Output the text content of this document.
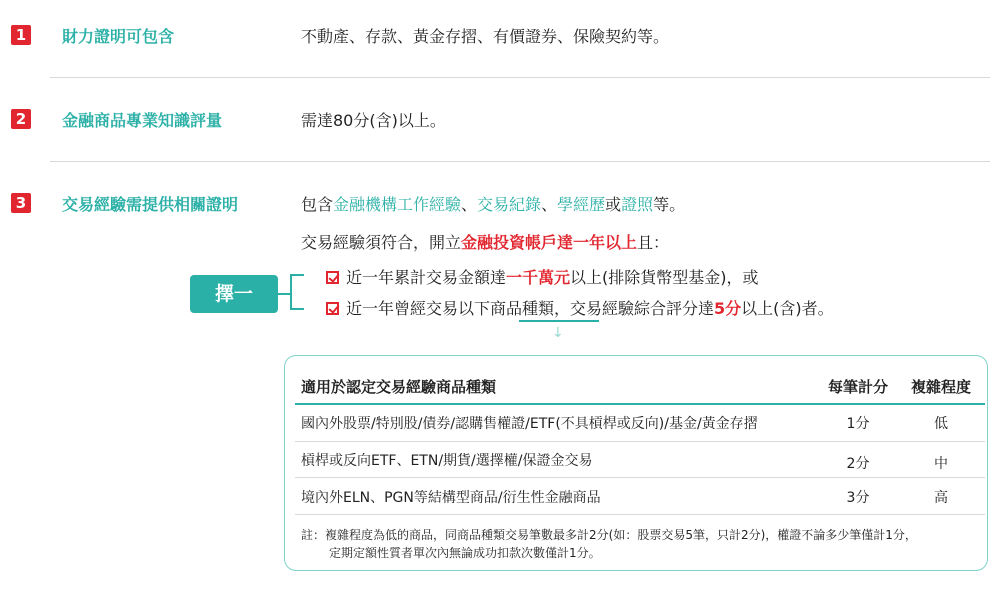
1 財力證明可包含	不動產、存款、黃金存摺、有價證券、保險契約等。
2 金融商品專業知識評量	需達80分(含)以上。
3 交易經驗需提供相關證明	包含金融機構工作經驗、交易紀錄、學經歷或證照等。
交易經驗須符合，開立金融投資帳戶達一年以上且：
擇一
近一年累計交易金額達一千萬元以上(排除貨幣型基金)，或
近一年曾經交易以下商品種類，交易經驗綜合評分達5分以上(含)者。
↓
適用於認定交易經驗商品種類	每筆計分	複雜程度
國內外股票/特別股/債券/認購售權證/ETF(不具槓桿或反向)/基金/黃金存摺	1分	低
槓桿或反向ETF、ETN/期貨/選擇權/保證金交易	2分	中
境內外ELN、PGN等結構型商品/衍生性金融商品	3分	高
註：複雜程度為低的商品，同商品種類交易筆數最多計2分(如：股票交易5筆，只計2分)，權證不論多少筆僅計1分，
定期定額性質者單次內無論成功扣款次數僅計1分。
